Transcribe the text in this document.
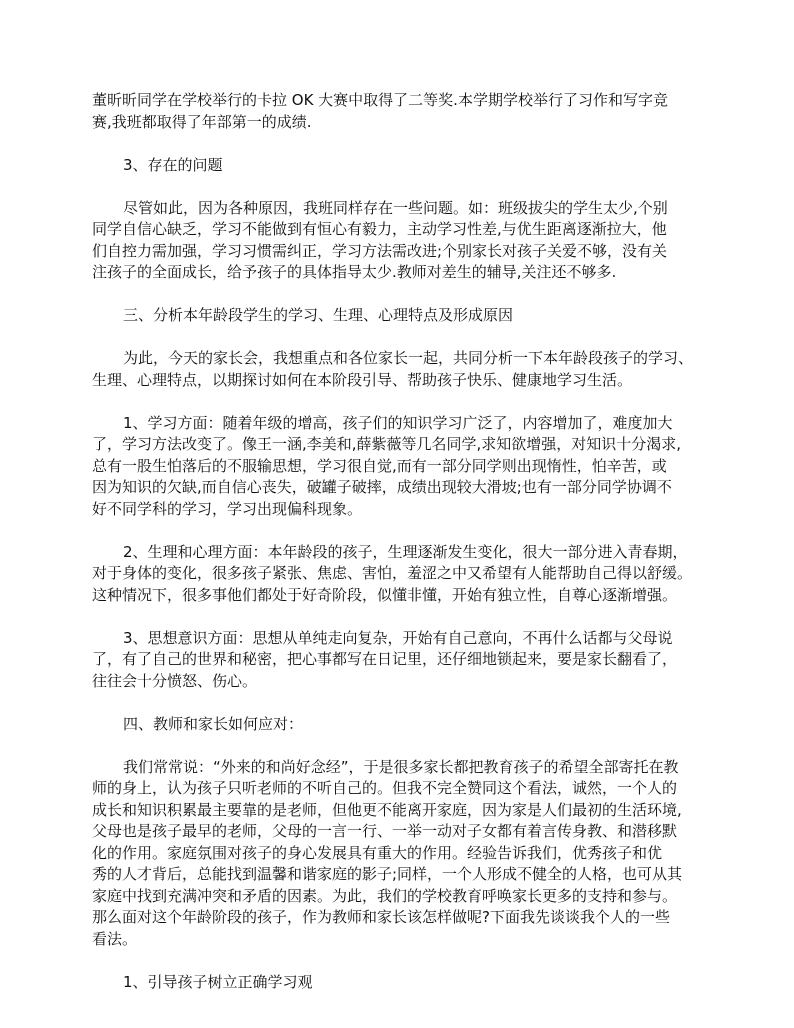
董昕昕同学在学校举行的卡拉 OK 大赛中取得了二等奖.本学期学校举行了习作和写字竞
赛,我班都取得了年部第一的成绩.
3、存在的问题
尽管如此，因为各种原因，我班同样存在一些问题。如：班级拔尖的学生太少,个别
同学自信心缺乏，学习不能做到有恒心有毅力，主动学习性差,与优生距离逐渐拉大，他
们自控力需加强，学习习惯需纠正，学习方法需改进;个别家长对孩子关爱不够，没有关
注孩子的全面成长，给予孩子的具体指导太少.教师对差生的辅导,关注还不够多.
三、分析本年龄段学生的学习、生理、心理特点及形成原因
为此，今天的家长会，我想重点和各位家长一起，共同分析一下本年龄段孩子的学习、
生理、心理特点，以期探讨如何在本阶段引导、帮助孩子快乐、健康地学习生活。
1、学习方面：随着年级的增高，孩子们的知识学习广泛了，内容增加了，难度加大
了，学习方法改变了。像王一涵,李美和,薛紫薇等几名同学,求知欲增强，对知识十分渴求,
总有一股生怕落后的不服输思想，学习很自觉,而有一部分同学则出现惰性，怕辛苦，或
因为知识的欠缺,而自信心丧失，破罐子破摔，成绩出现较大滑坡;也有一部分同学协调不
好不同学科的学习，学习出现偏科现象。
2、生理和心理方面：本年龄段的孩子，生理逐渐发生变化，很大一部分进入青春期，
对于身体的变化，很多孩子紧张、焦虑、害怕，羞涩之中又希望有人能帮助自己得以舒缓。
这种情况下，很多事他们都处于好奇阶段，似懂非懂，开始有独立性，自尊心逐渐增强。
3、思想意识方面：思想从单纯走向复杂，开始有自己意向，不再什么话都与父母说
了，有了自己的世界和秘密，把心事都写在日记里，还仔细地锁起来，要是家长翻看了，
往往会十分愤怒、伤心。
四、教师和家长如何应对：
我们常常说：“外来的和尚好念经”，于是很多家长都把教育孩子的希望全部寄托在教
师的身上，认为孩子只听老师的不听自己的。但我不完全赞同这个看法，诚然，一个人的
成长和知识积累最主要靠的是老师，但他更不能离开家庭，因为家是人们最初的生活环境,
父母也是孩子最早的老师，父母的一言一行、一举一动对子女都有着言传身教、和潜移默
化的作用。家庭氛围对孩子的身心发展具有重大的作用。经验告诉我们，优秀孩子和优
秀的人才背后，总能找到温馨和谐家庭的影子;同样，一个人形成不健全的人格，也可从其
家庭中找到充满冲突和矛盾的因素。为此，我们的学校教育呼唤家长更多的支持和参与。
那么面对这个年龄阶段的孩子，作为教师和家长该怎样做呢?下面我先谈谈我个人的一些
看法。
1、引导孩子树立正确学习观
